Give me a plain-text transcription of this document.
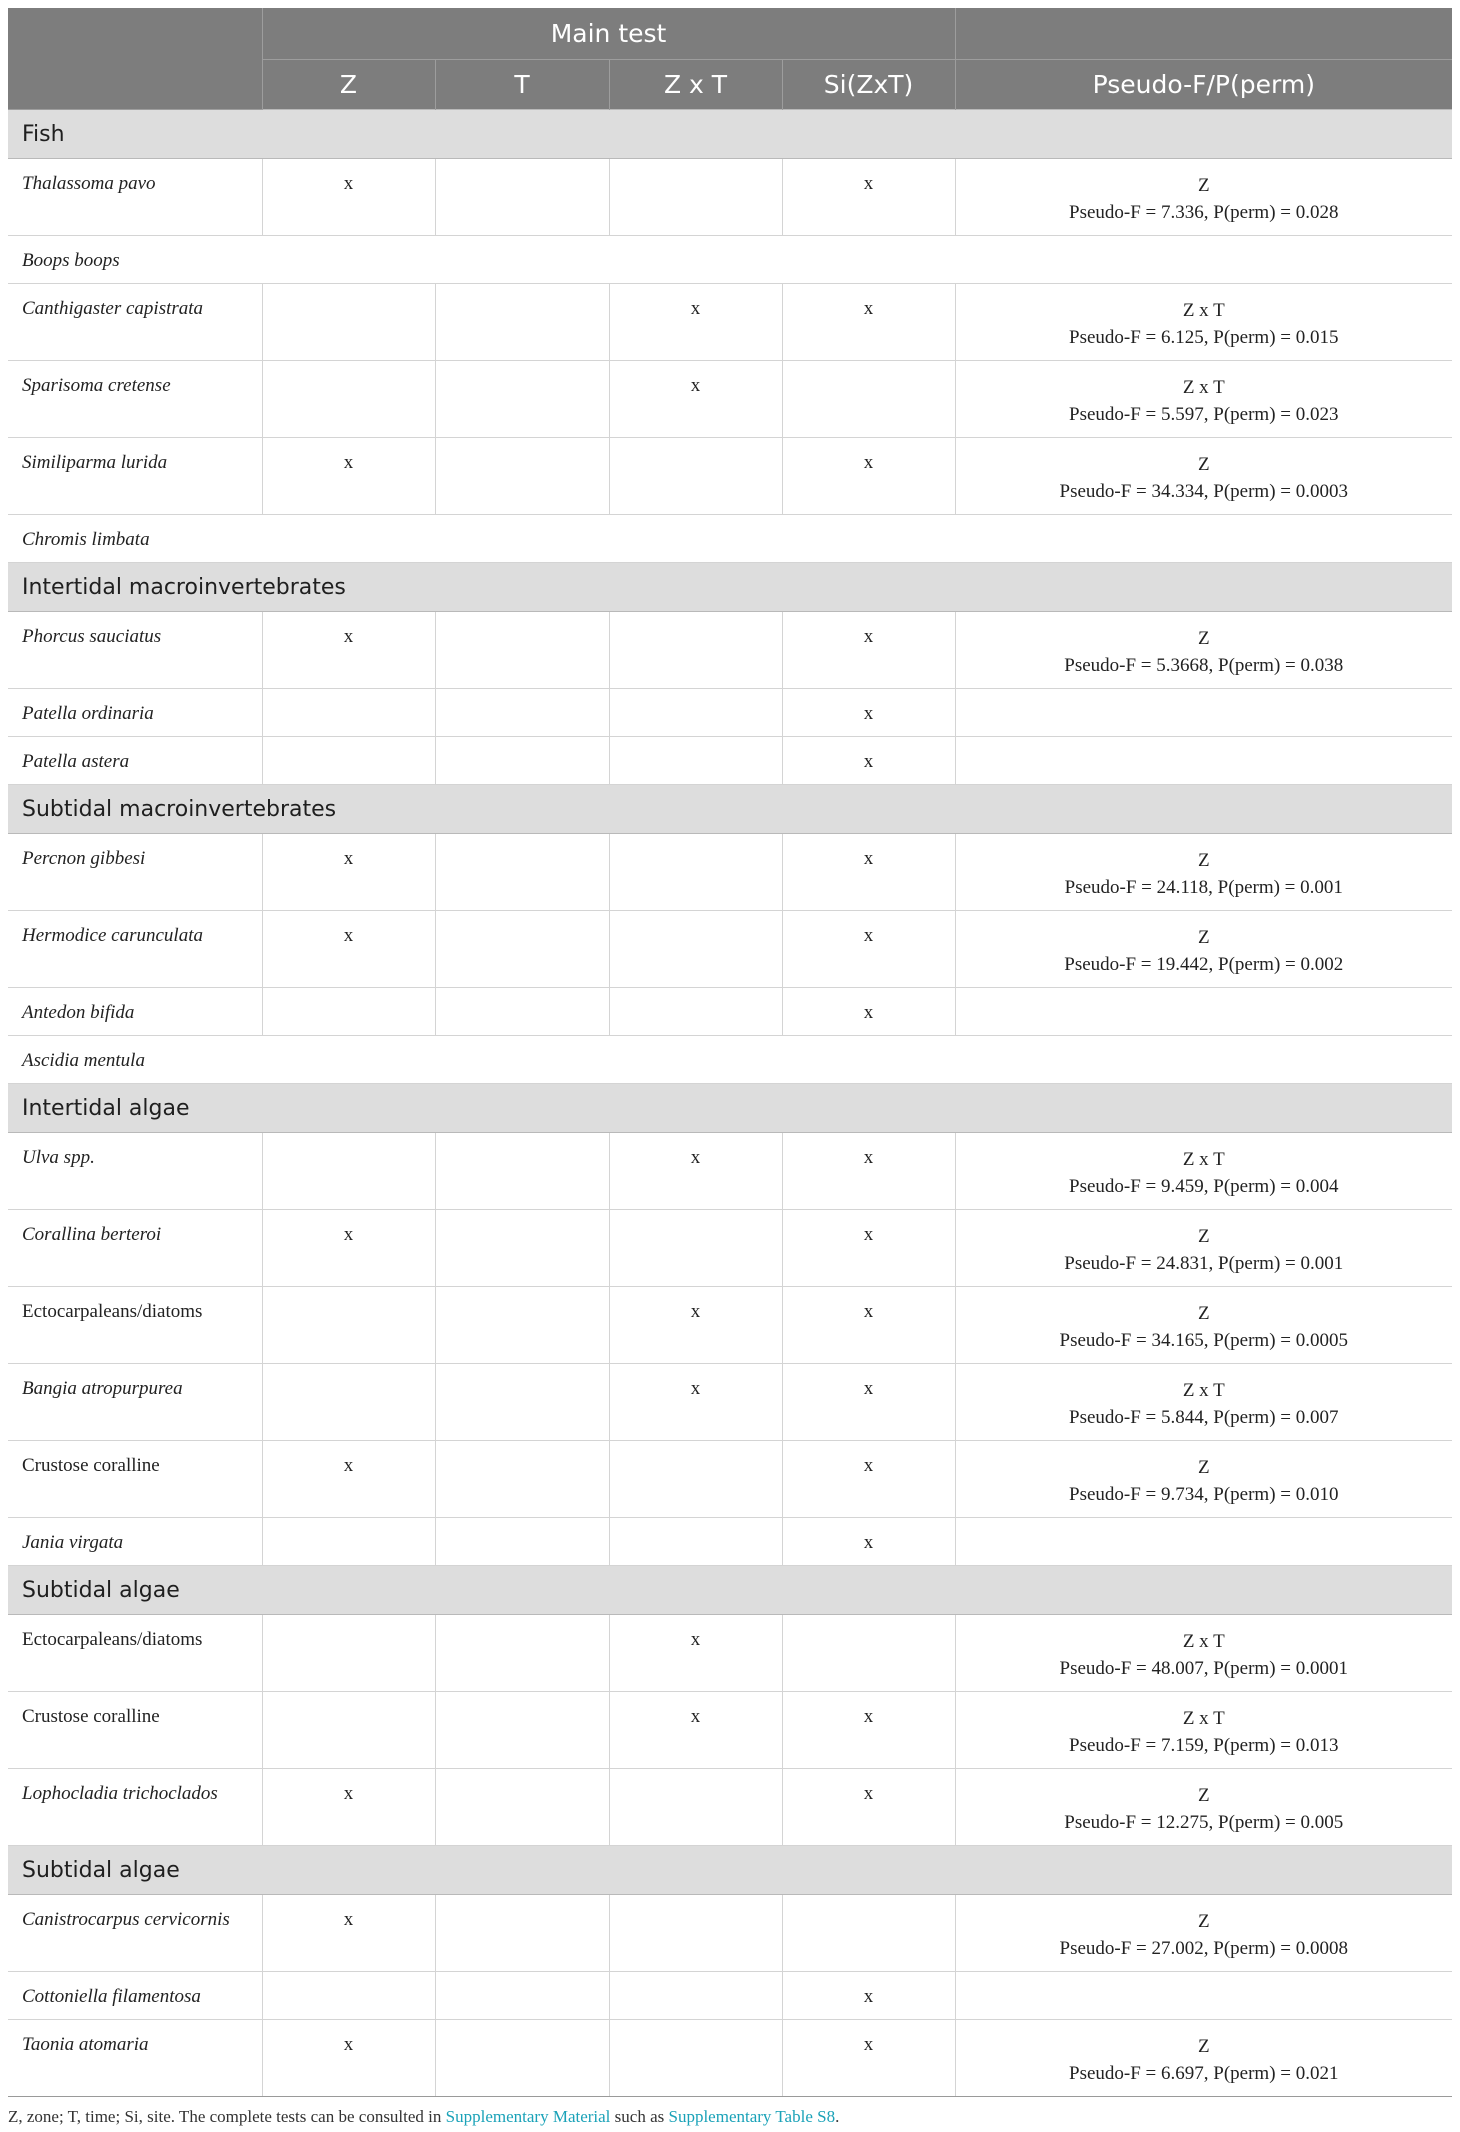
	Main test				
	Z	T	Z x T	Si(ZxT)	Pseudo-F/P(perm)
Fish					
Thalassoma pavo	x			x	Z
Pseudo-F = 7.336, P(perm) = 0.028

Boops boops					

Canthigaster capistrata			x	x	Z x T
Pseudo-F = 6.125, P(perm) = 0.015

Sparisoma cretense			x		Z x T
Pseudo-F = 5.597, P(perm) = 0.023

Similiparma lurida	x			x	Z
Pseudo-F = 34.334, P(perm) = 0.0003

Chromis limbata					

Intertidal macroinvertebrates					
Phorcus sauciatus	x			x	Z
Pseudo-F = 5.3668, P(perm) = 0.038

Patella ordinaria				x	

Patella astera				x	

Subtidal macroinvertebrates					
Percnon gibbesi	x			x	Z
Pseudo-F = 24.118, P(perm) = 0.001

Hermodice carunculata	x			x	Z
Pseudo-F = 19.442, P(perm) = 0.002

Antedon bifida				x	

Ascidia mentula					

Intertidal algae					
Ulva spp.			x	x	Z x T
Pseudo-F = 9.459, P(perm) = 0.004

Corallina berteroi	x			x	Z
Pseudo-F = 24.831, P(perm) = 0.001

Ectocarpaleans/diatoms			x	x	Z
Pseudo-F = 34.165, P(perm) = 0.0005

Bangia atropurpurea			x	x	Z x T
Pseudo-F = 5.844, P(perm) = 0.007

Crustose coralline	x			x	Z
Pseudo-F = 9.734, P(perm) = 0.010

Jania virgata				x	

Subtidal algae					
Ectocarpaleans/diatoms			x		Z x T
Pseudo-F = 48.007, P(perm) = 0.0001

Crustose coralline			x	x	Z x T
Pseudo-F = 7.159, P(perm) = 0.013

Lophocladia trichoclados	x			x	Z
Pseudo-F = 12.275, P(perm) = 0.005

Subtidal algae					
Canistrocarpus cervicornis	x				Z
Pseudo-F = 27.002, P(perm) = 0.0008

Cottoniella filamentosa				x	

Taonia atomaria	x			x	Z
Pseudo-F = 6.697, P(perm) = 0.021
Z, zone; T, time; Si, site. The complete tests can be consulted in Supplementary Material such as Supplementary Table S8.
